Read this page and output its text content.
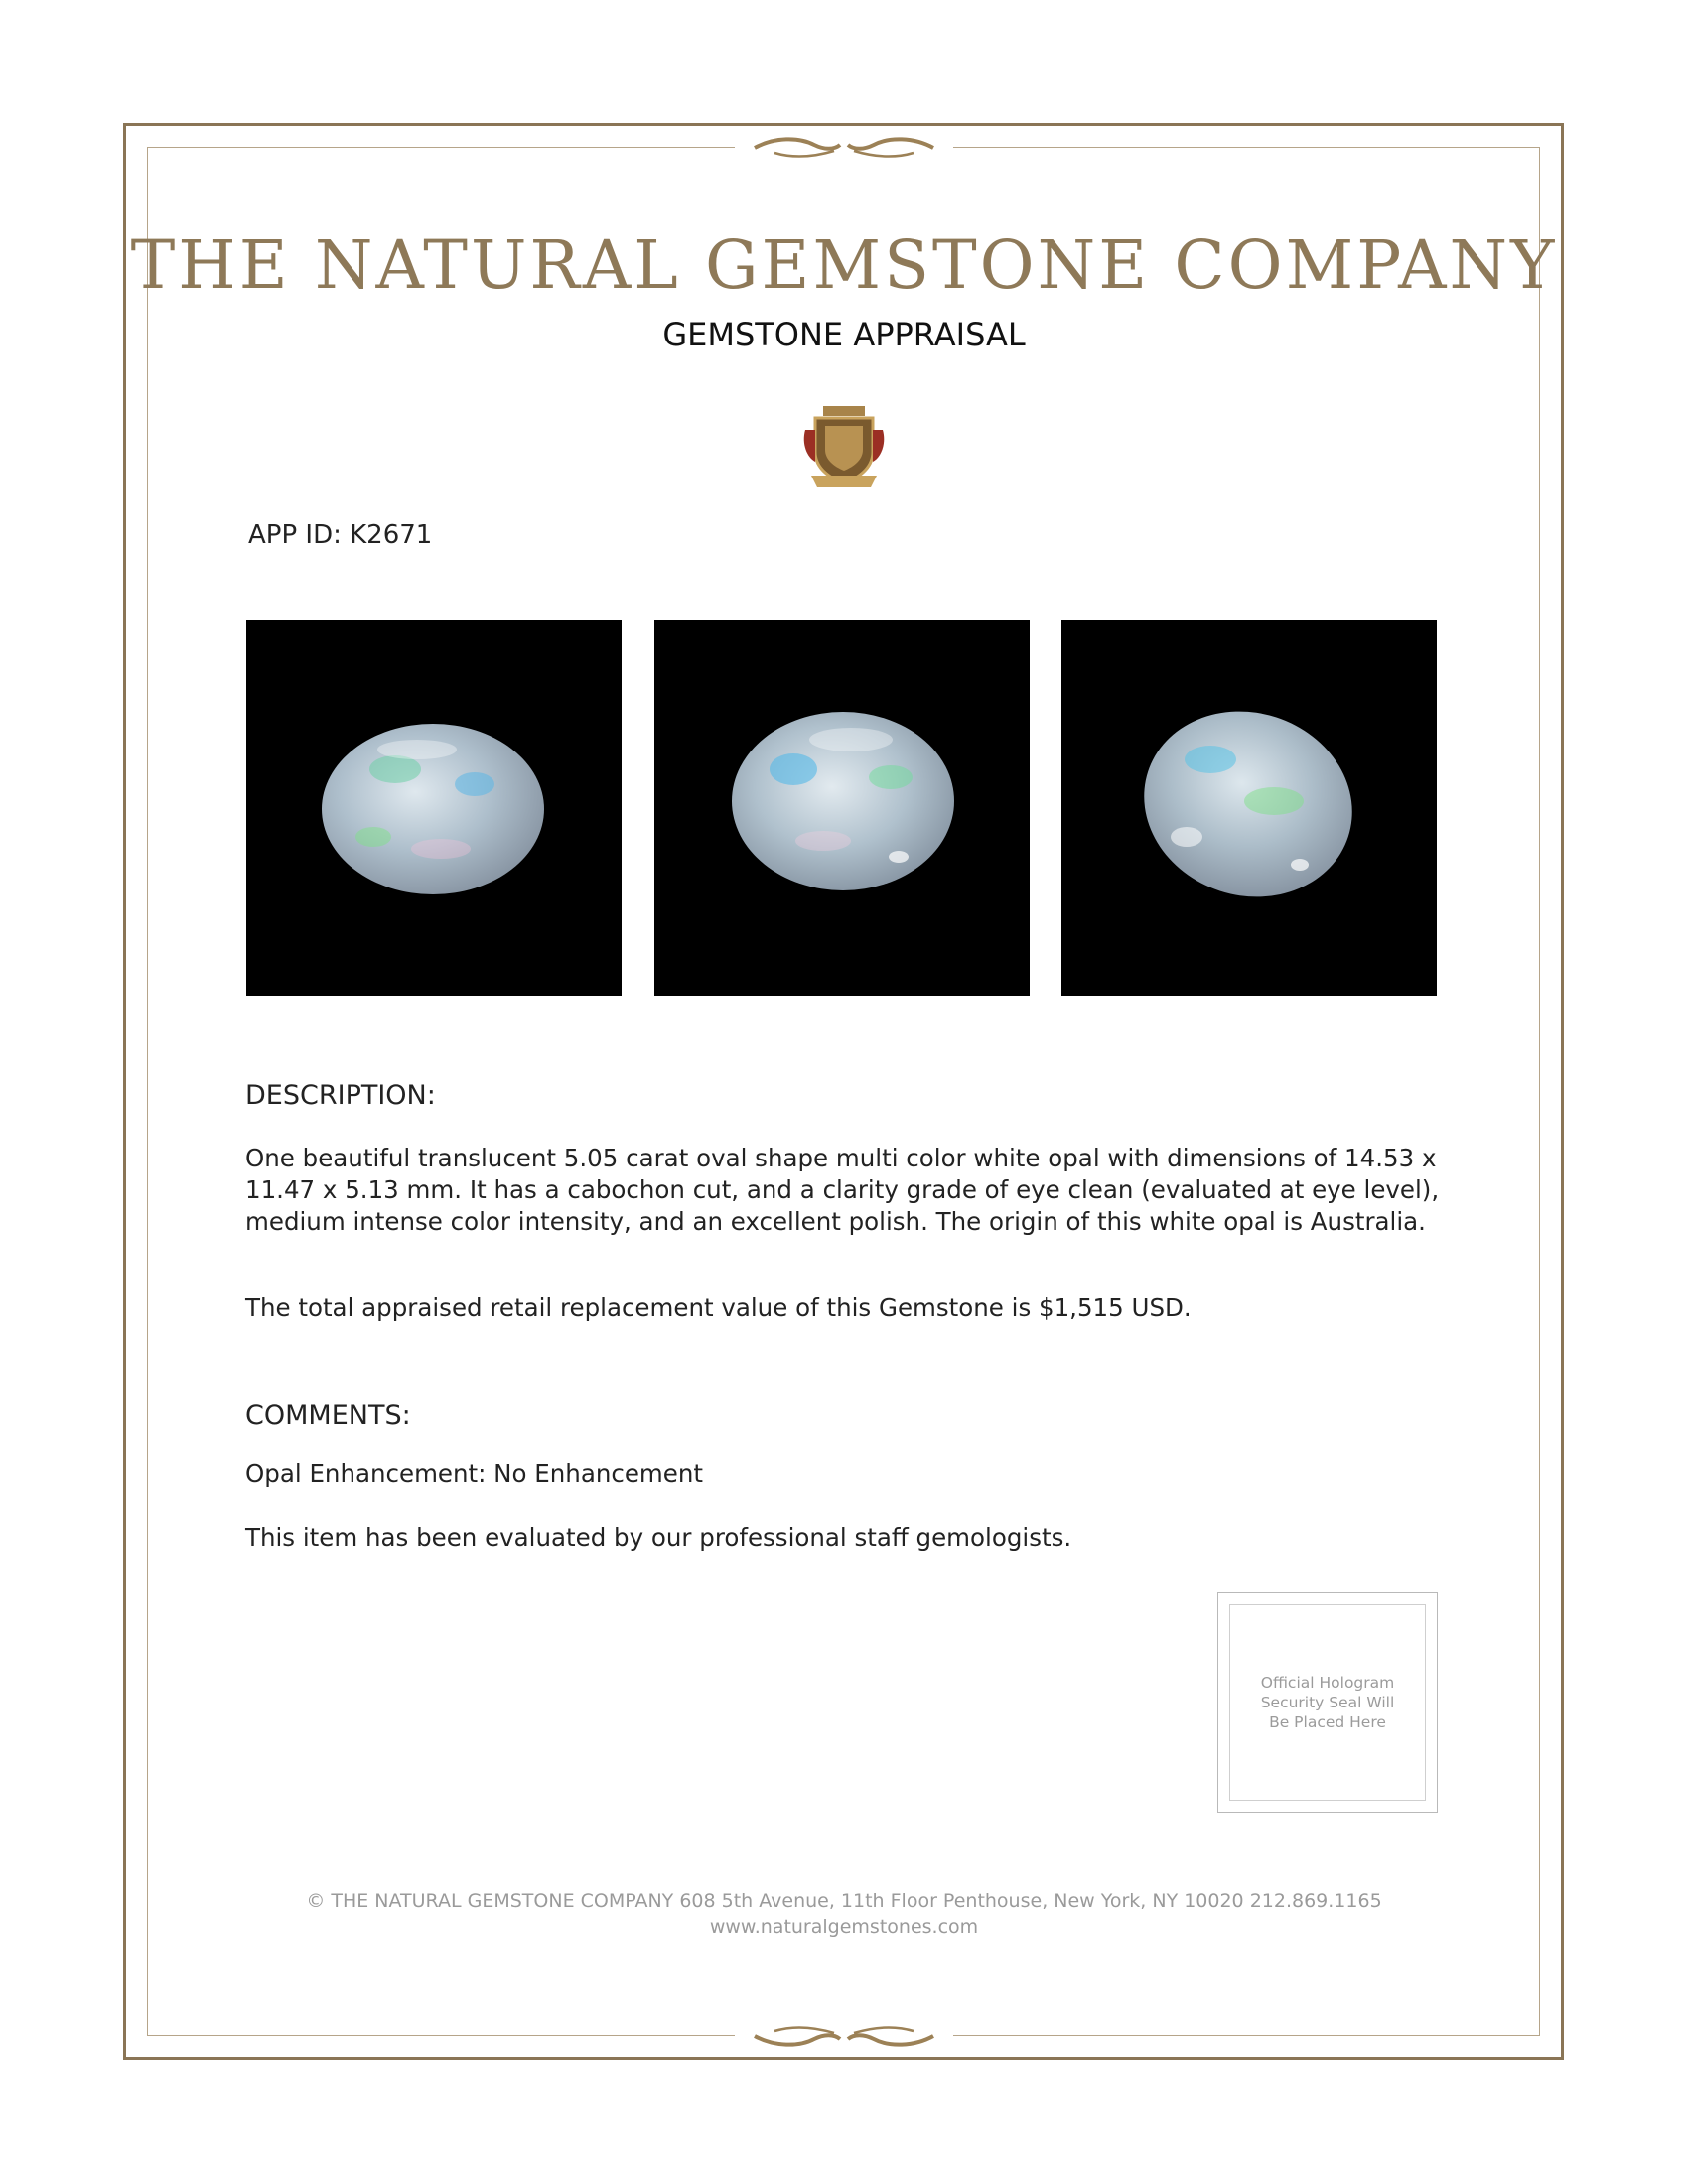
THE NATURAL GEMSTONE COMPANY
GEMSTONE APPRAISAL
APP ID: K2671
DESCRIPTION:
One beautiful translucent 5.05 carat oval shape multi color white opal with dimensions of 14.53 x 11.47 x 5.13 mm. It has a cabochon cut, and a clarity grade of eye clean (evaluated at eye level), medium intense color intensity, and an excellent polish. The origin of this white opal is Australia.
The total appraised retail replacement value of this Gemstone is $1,515 USD.
COMMENTS:
Opal Enhancement: No Enhancement
This item has been evaluated by our professional staff gemologists.
Official Hologram
Security Seal Will
Be Placed Here
© THE NATURAL GEMSTONE COMPANY 608 5th Avenue, 11th Floor Penthouse, New York, NY 10020 212.869.1165
www.naturalgemstones.com
